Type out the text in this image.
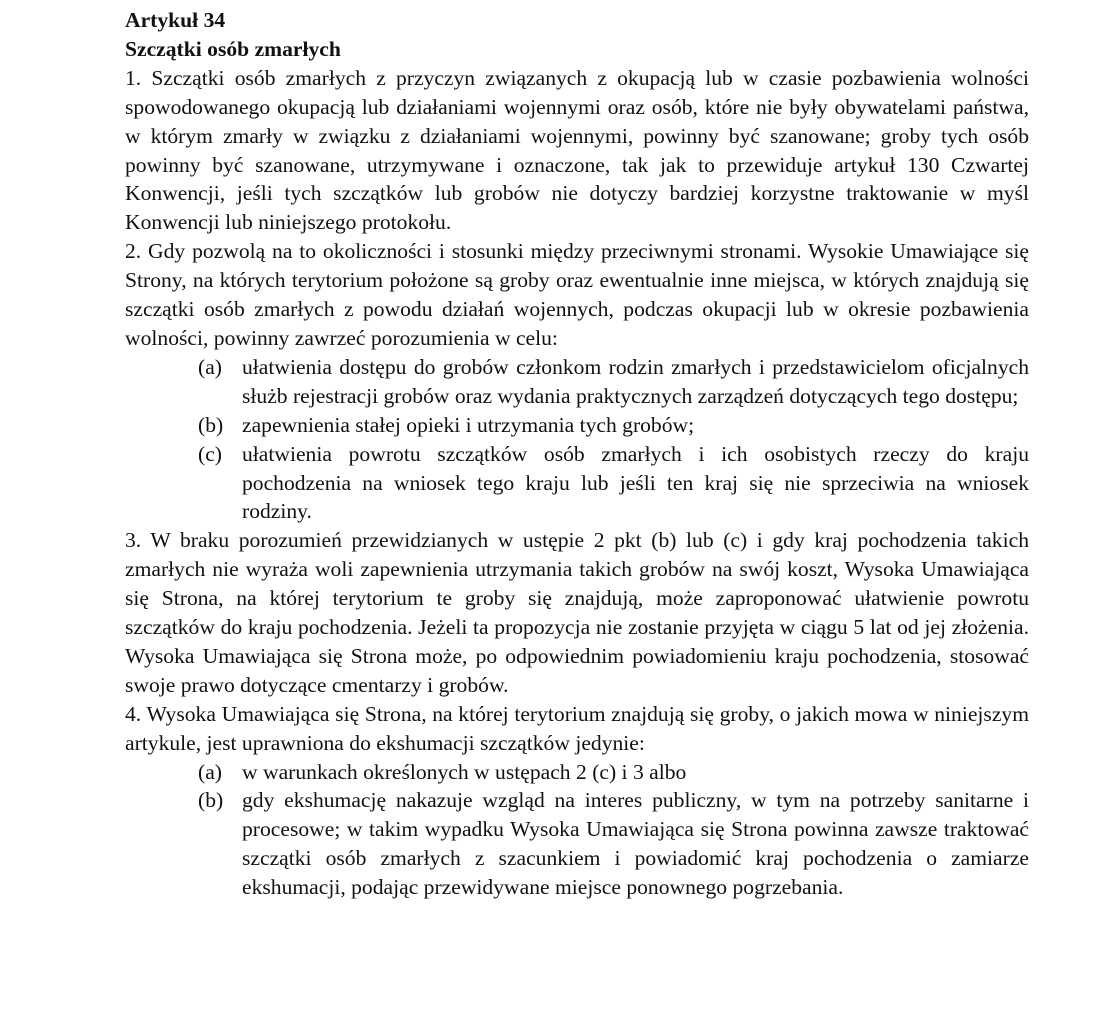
Artykuł 34

Szczątki osób zmarłych

1. Szczątki osób zmarłych z przyczyn związanych z okupacją lub w czasie pozbawienia wolności spowodowanego okupacją lub działaniami wojennymi oraz osób, które nie były obywatelami państwa, w którym zmarły w związku z działaniami wojennymi, powinny być szanowane; groby tych osób powinny być szanowane, utrzymywane i oznaczone, tak jak to przewiduje artykuł 130 Czwartej Konwencji, jeśli tych szczątków lub grobów nie dotyczy bardziej korzystne traktowanie w myśl Konwencji lub niniejszego protokołu.

2. Gdy pozwolą na to okoliczności i stosunki między przeciwnymi stronami. Wysokie Umawiające się Strony, na których terytorium położone są groby oraz ewentualnie inne miejsca, w których znajdują się szczątki osób zmarłych z powodu działań wojennych, podczas okupacji lub w okresie pozbawienia wolności, powinny zawrzeć porozumienia w celu:

(a) ułatwienia dostępu do grobów członkom rodzin zmarłych i przedstawicielom oficjalnych służb rejestracji grobów oraz wydania praktycznych zarządzeń dotyczących tego dostępu;

(b) zapewnienia stałej opieki i utrzymania tych grobów;

(c) ułatwienia powrotu szczątków osób zmarłych i ich osobistych rzeczy do kraju pochodzenia na wniosek tego kraju lub jeśli ten kraj się nie sprzeciwia na wniosek rodziny.

3. W braku porozumień przewidzianych w ustępie 2 pkt (b) lub (c) i gdy kraj pochodzenia takich zmarłych nie wyraża woli zapewnienia utrzymania takich grobów na swój koszt, Wysoka Umawiająca się Strona, na której terytorium te groby się znajdują, może zaproponować ułatwienie powrotu szczątków do kraju pochodzenia. Jeżeli ta propozycja nie zostanie przyjęta w ciągu 5 lat od jej złożenia. Wysoka Umawiająca się Strona może, po odpowiednim powiadomieniu kraju pochodzenia, stosować swoje prawo dotyczące cmentarzy i grobów.

4. Wysoka Umawiająca się Strona, na której terytorium znajdują się groby, o jakich mowa w niniejszym artykule, jest uprawniona do ekshumacji szczątków jedynie:

(a) w warunkach określonych w ustępach 2 (c) i 3 albo

(b) gdy ekshumację nakazuje wzgląd na interes publiczny, w tym na potrzeby sanitarne i procesowe; w takim wypadku Wysoka Umawiająca się Strona powinna zawsze traktować szczątki osób zmarłych z szacunkiem i powiadomić kraj pochodzenia o zamiarze ekshumacji, podając przewidywane miejsce ponownego pogrzebania.
